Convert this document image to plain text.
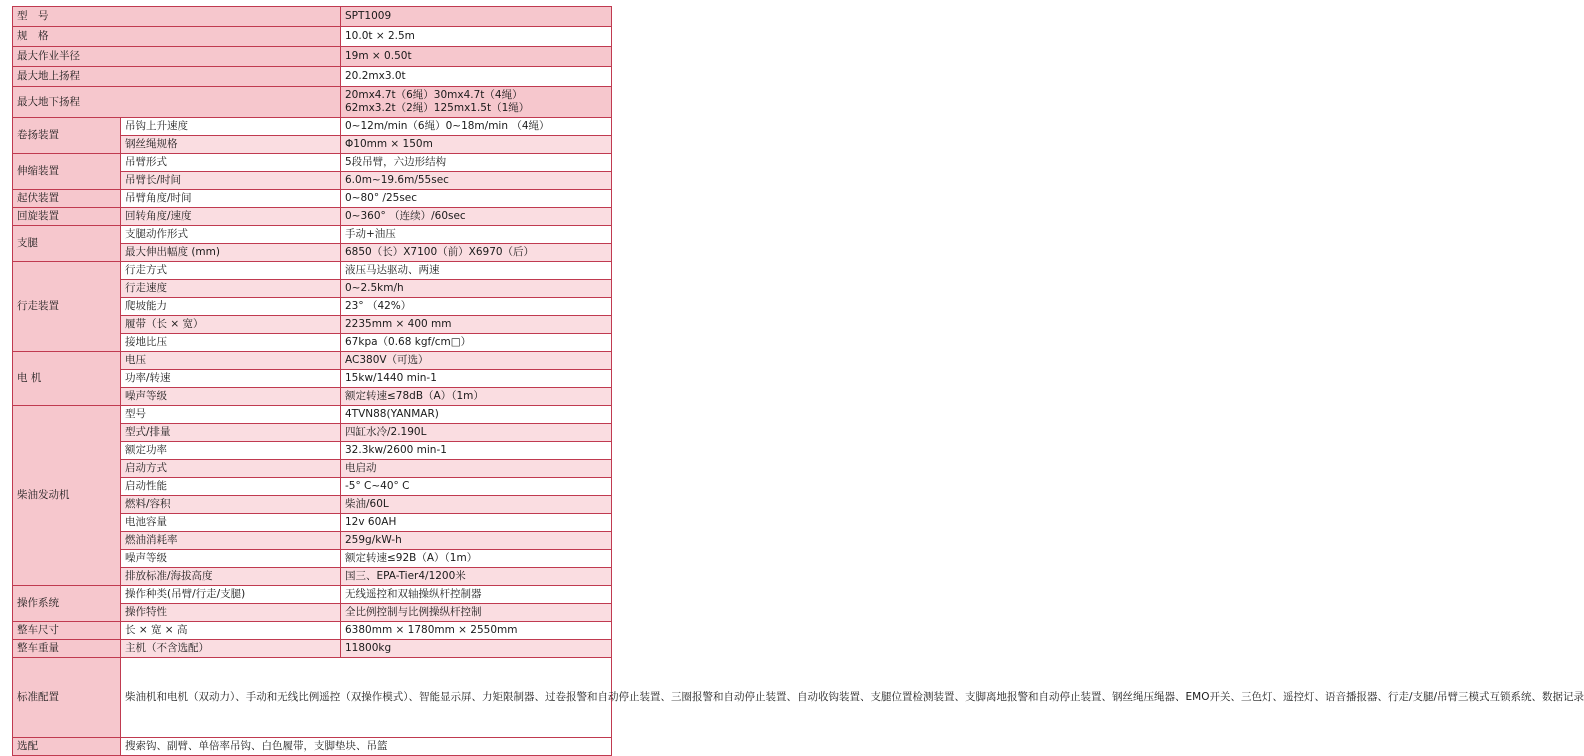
型　号		SPT1009
规　格		10.0t × 2.5m
最大作业半径		19m × 0.50t
最大地上扬程		20.2mx3.0t
最大地下扬程		20mx4.7t（6绳）30mx4.7t（4绳）
62mx3.2t（2绳）125mx1.5t（1绳）

卷扬装置	吊钩上升速度	0~12m/min（6绳）0~18m/min （4绳）
	钢丝绳规格	Φ10mm × 150m
伸缩装置	吊臂形式	5段吊臂，六边形结构
	吊臂长/时间	6.0m~19.6m/55sec
起伏装置	吊臂角度/时间	0~80° /25sec
回旋装置	回转角度/速度	0~360° （连续）/60sec
支腿	支腿动作形式	手动+油压
	最大伸出幅度 (mm)	6850（长）X7100（前）X6970（后）
行走装置	行走方式	液压马达驱动、两速
	行走速度	0~2.5km/h
	爬坡能力	23° （42%）
	履带（长 × 宽）	2235mm × 400 mm
	接地比压	67kpa（0.68 kgf/cm□）
电 机	电压	AC380V（可选）
	功率/转速	15kw/1440 min-1
	噪声等级	额定转速≤78dB（A）（1m）
柴油发动机	型号	4TVN88(YANMAR)
	型式/排量	四缸水冷/2.190L
	额定功率	32.3kw/2600 min-1
	启动方式	电启动
	启动性能	-5° C~40° C
	燃料/容积	柴油/60L
	电池容量	12v 60AH
	燃油消耗率	259g/kW-h
	噪声等级	额定转速≤92B（A）（1m）
	排放标准/海拔高度	国三、EPA-Tier4/1200米
操作系统	操作种类(吊臂/行走/支腿)	无线遥控和双轴操纵杆控制器
	操作特性	全比例控制与比例操纵杆控制
整车尺寸	长 × 宽 × 高	6380mm × 1780mm × 2550mm
整车重量	主机（不含选配）	11800kg
标准配置	柴油机和电机（双动力）、手动和无线比例遥控（双操作模式）、智能显示屏、力矩限制器、过卷报警和自动停止装置、三圈报警和自动停止装置、自动收钩装置、支腿位置检测装置、支脚离地报警和自动停止装置、钢丝绳压绳器、EMO开关、三色灯、遥控灯、语音播报器、行走/支腿/吊臂三模式互锁系统、数据记录	
选配	搜索钩、副臂、单倍率吊钩、白色履带，支脚垫块、吊篮	
